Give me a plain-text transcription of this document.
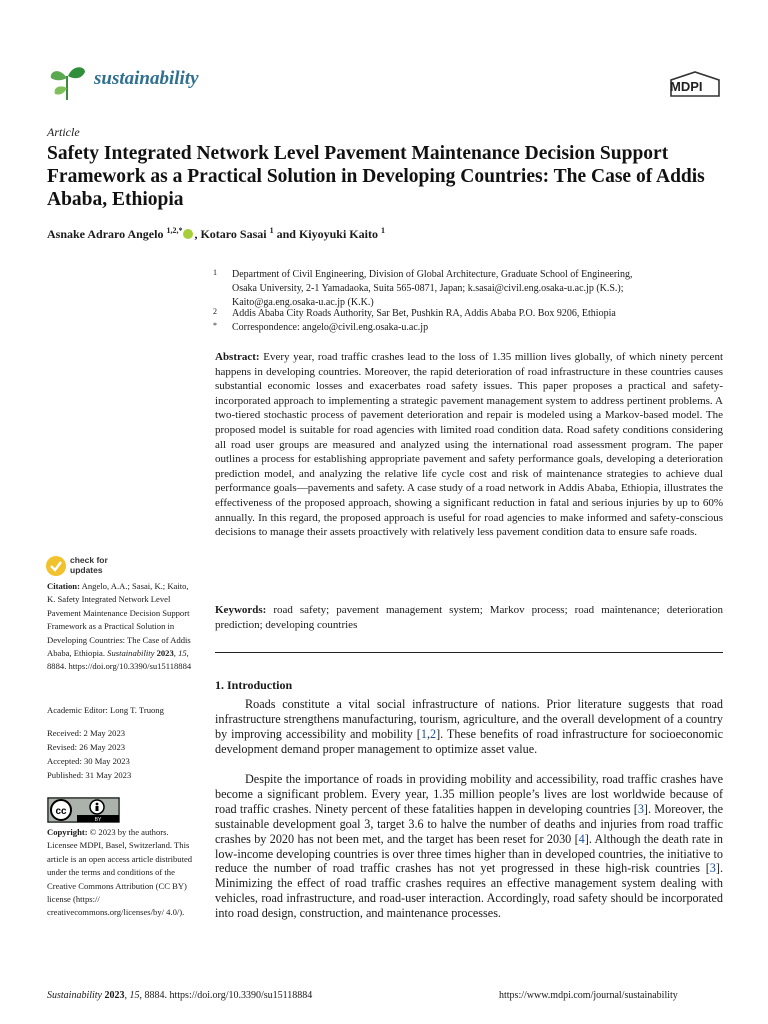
sustainability	MDPI
Article
Safety Integrated Network Level Pavement Maintenance Decision Support Framework as a Practical Solution in Developing Countries: The Case of Addis Ababa, Ethiopia
Asnake Adraro Angelo $^{1,2,*}$ , Kotaro Sasai $^1$ and Kiyoyuki Kaito $^1$
1 Department of Civil Engineering, Division of Global Architecture, Graduate School of Engineering,
Osaka University, 2-1 Yamadaoka, Suita 565-0871, Japan; k.sasai@civil.eng.osaka-u.ac.jp (K.S.);
Kaito@ga.eng.osaka-u.ac.jp (K.K.)
2 Addis Ababa City Roads Authority, Sar Bet, Pushkin RA, Addis Ababa P.O. Box 9206, Ethiopia
* Correspondence: angelo@civil.eng.osaka-u.ac.jp
Abstract: Every year, road traffic crashes lead to the loss of 1.35 million lives globally, of which ninety percent happens in developing countries. Moreover, the rapid deterioration of road infrastructure in these countries causes substantial economic losses and exacerbates road safety issues. This paper proposes a practical and safety-incorporated approach to implementing a strategic pavement management system to address pertinent problems. A two-tiered stochastic process of pavement deterioration and repair is modeled using a Markov-based model. The proposed model is suitable for road agencies with limited road condition data. Road safety conditions considering all road user groups are measured and analyzed using the international road assessment program. The paper outlines a process for establishing appropriate pavement and safety performance goals, developing a deterioration prediction model, and analyzing the relative life cycle cost and risk of maintenance strategies to achieve dual performance goals—pavements and safety. A case study of a road network in Addis Ababa, Ethiopia, illustrates the effectiveness of the proposed approach, showing a significant reduction in fatal and serious injuries by up to 60% annually. In this regard, the proposed approach is useful for road agencies to make informed and safety-conscious decisions to manage their assets proactively with relatively less pavement condition data to ensure safe roads.
Keywords: road safety; pavement management system; Markov process; road maintenance; deterioration prediction; developing countries
1. Introduction
Roads constitute a vital social infrastructure of nations. Prior literature suggests that road infrastructure strengthens manufacturing, tourism, agriculture, and the overall development of a country by improving accessibility and mobility [1,2]. These benefits of road infrastructure for socioeconomic development demand proper management to optimize asset value.
Despite the importance of roads in providing mobility and accessibility, road traffic crashes have become a significant problem. Every year, 1.35 million people’s lives are lost worldwide because of road traffic crashes. Ninety percent of these fatalities happen in developing countries [3]. Moreover, the sustainable development goal 3, target 3.6 to halve the number of deaths and injuries from road traffic crashes by 2020 has not been met, and the target has been reset for 2030 [4]. Although the death rate in low-income developing countries is over three times higher than in developed countries, the initiative to reduce the number of road traffic crashes has not yet progressed in these high-risk countries [3]. Minimizing the effect of road traffic crashes requires an effective management system dealing with vehicles, road infrastructure, and road-user interaction. Accordingly, road safety should be incorporated into road design, construction, and maintenance processes.
check for
updates
Citation: Angelo, A.A.; Sasai, K.; Kaito, K. Safety Integrated Network Level Pavement Maintenance Decision Support Framework as a Practical Solution in Developing Countries: The Case of Addis Ababa, Ethiopia. Sustainability 2023, 15, 8884. https://doi.org/10.3390/su15118884
Academic Editor: Long T. Truong
Received: 2 May 2023
Revised: 26 May 2023
Accepted: 30 May 2023
Published: 31 May 2023
cc
BY
Copyright: © 2023 by the authors. Licensee MDPI, Basel, Switzerland. This article is an open access article distributed under the terms and conditions of the Creative Commons Attribution (CC BY) license (https:// creativecommons.org/licenses/by/ 4.0/).
Sustainability 2023, 15, 8884. https://doi.org/10.3390/su15118884	https://www.mdpi.com/journal/sustainability
